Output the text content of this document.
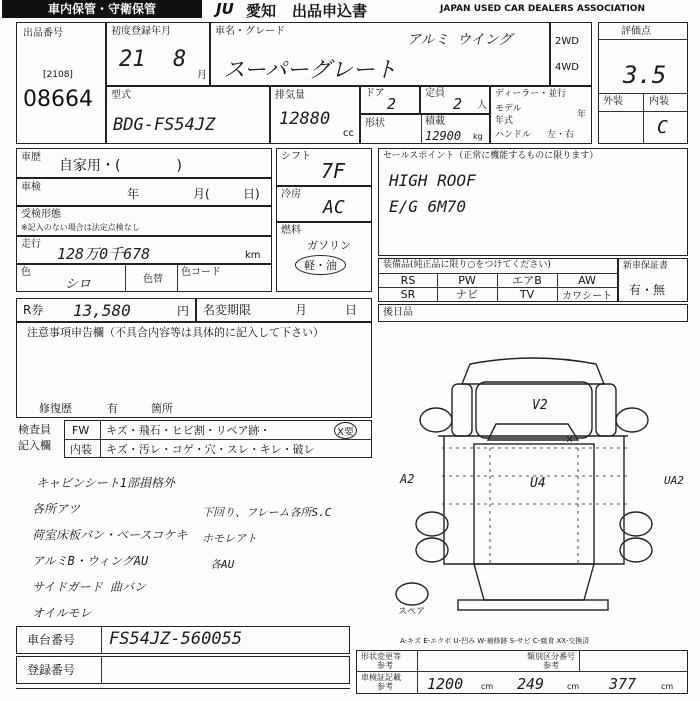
車内保管・守衛保管	JU 愛知 出品申込書	JAPAN USED CAR DEALERS ASSOCIATION
出品番号
[2108]
08664
初度登録年月
21 8
月
車名・グレード
アルミ ウイング
スーパーグレート
2WD
4WD
評価点
3.5
外装	内装
C
型式
BDG-FS54JZ
排気量
12880
cc
ドア
2
定員
2 人
形状	積載
12900 kg
ディーラー・並行
モデル
年式
年
ハンドル 左・右
車歴
自家用・(　　　　)
車検	年	月(	日)
受検形態
※記入のない場合は法定点検なし
走行
128万0千678	km
色
シロ	色替
色コード
シフト
7F
冷房
AC
燃料
ガソリン
軽・油
セールスポイント（正常に機能するものに限ります）
HIGH ROOF
E/G 6M70
装備品(純正品に限り○をつけてください)
RS	PW	エアB	AW
SR	ナビ	TV	カワシート
新車保証書
有・無
R券 13,580	円 名変期限	月	日	後日品
注意事項申告欄（不具合内容等は具体的に記入して下さい）
修復歴	有	箇所
検査員
記入欄
FW キズ・飛石・ヒビ割・リペア跡・	X要
内装 キズ・汚レ・コゲ・穴・スレ・キレ・破レ
キャビンシート1部損格外
各所アツ
荷室床板バン・ベースコケキ
アルミB・ウィングAU
サイドガード 曲バン
オイルモレ
下回り、フレーム各所S.C
ホモレアト
各AU
V2
×
U4
A2	UA2
スペア
A-キズ E-エクボ U-凹み W-補修跡 S-サビ C-腐食 XX-交換済
車台番号 FS54JZ-560055
登録番号
形状変更等
参考
類別区分番号
参考
車検証記載
参考 1200 cm 249	cm 377	cm
